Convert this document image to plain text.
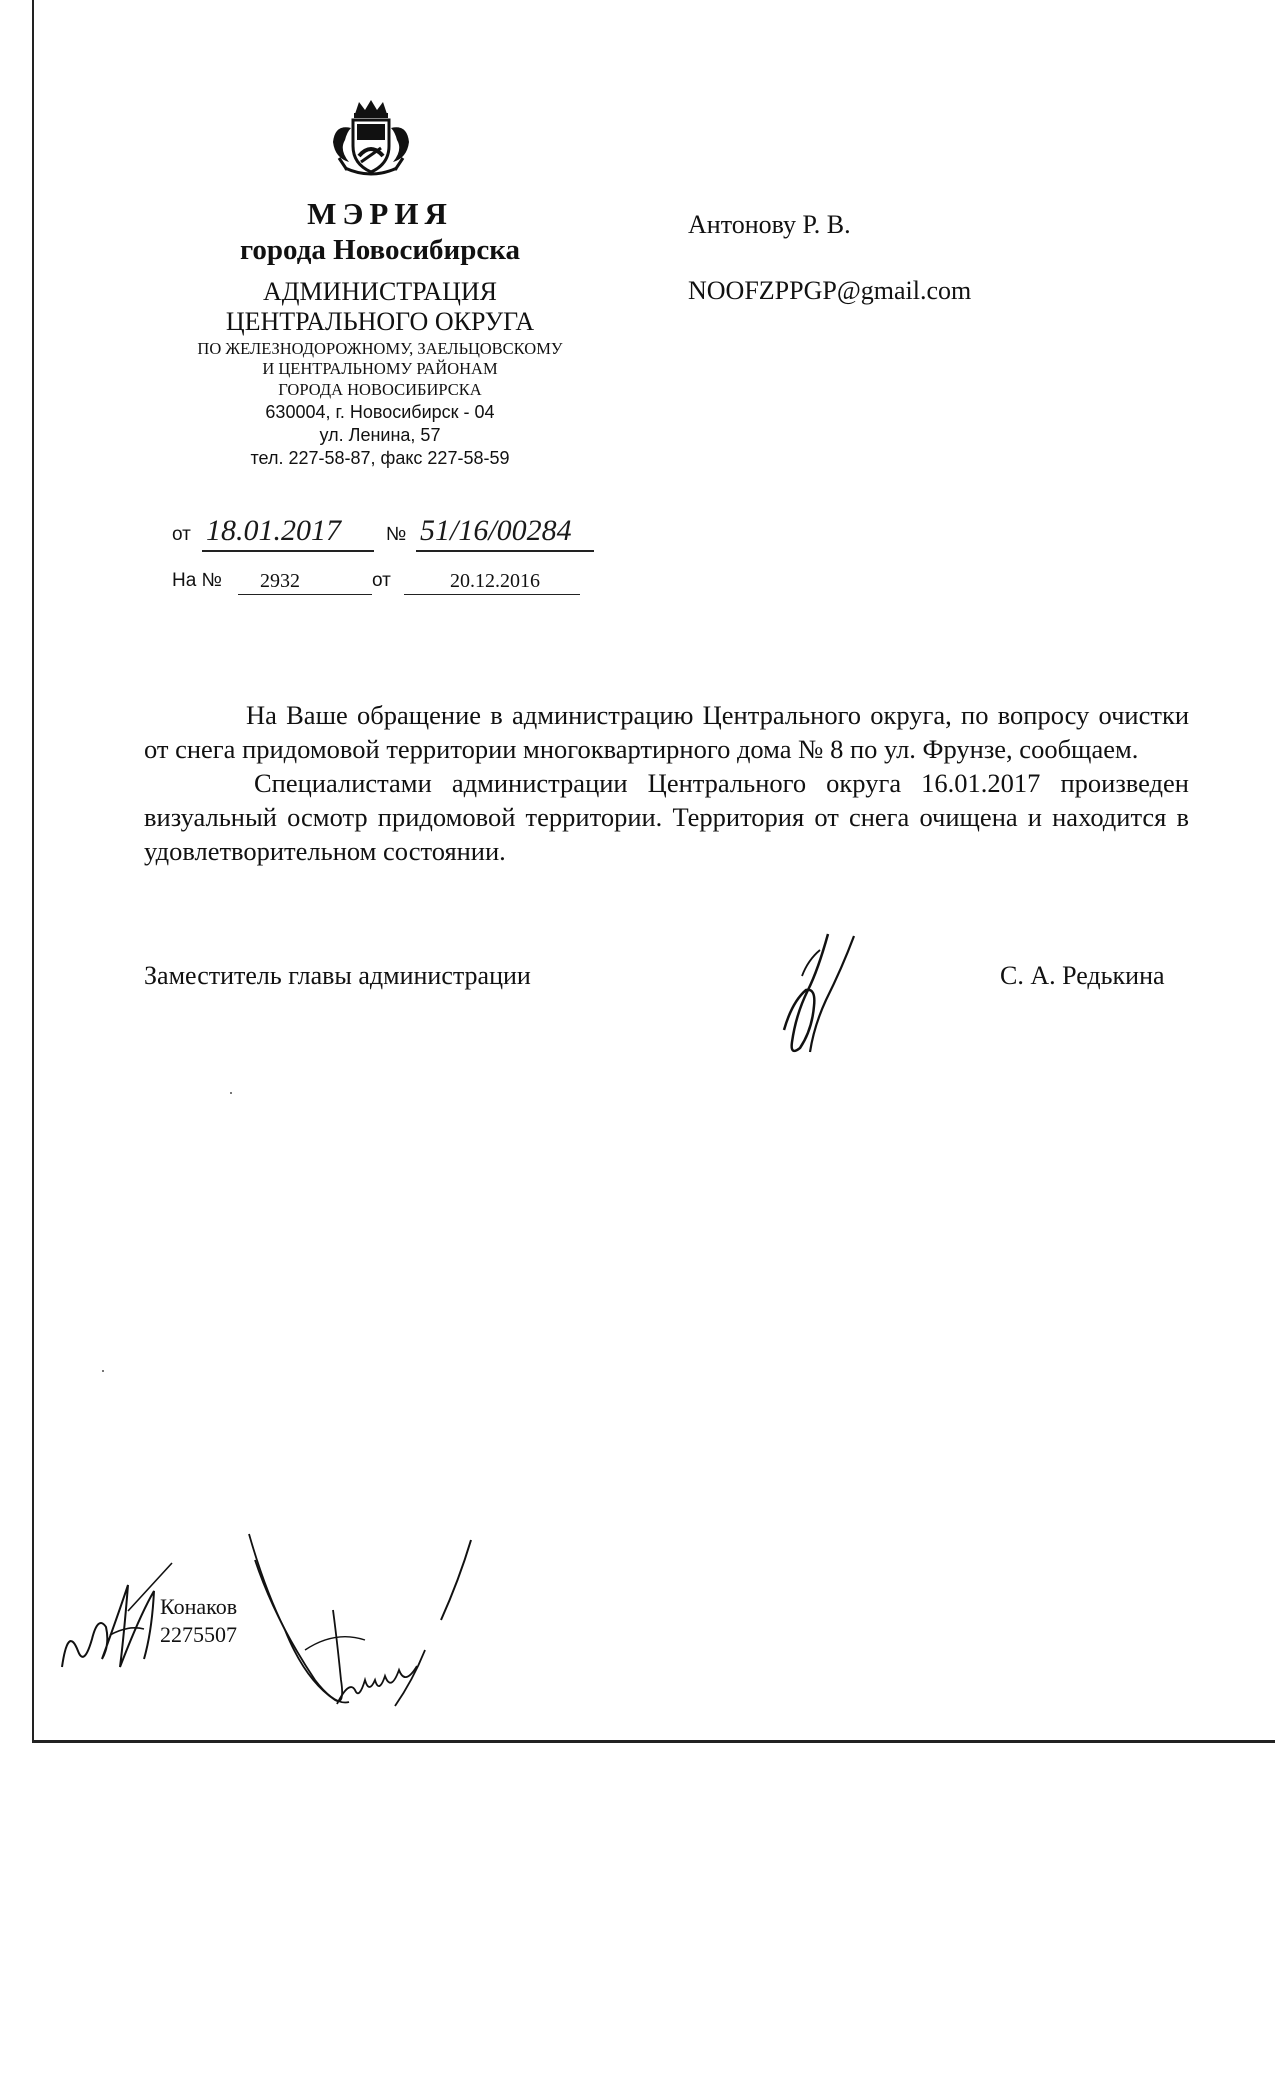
МЭРИЯ
города Новосибирска
АДМИНИСТРАЦИЯ
ЦЕНТРАЛЬНОГО ОКРУГА
ПО ЖЕЛЕЗНОДОРОЖНОМУ, ЗАЕЛЬЦОВСКОМУ
И ЦЕНТРАЛЬНОМУ РАЙОНАМ
ГОРОДА НОВОСИБИРСКА
630004, г. Новосибирск - 04
ул. Ленина, 57
тел. 227-58-87, факс 227-58-59
Антонову Р. В.
NOOFZPPGP@gmail.com
от 18.01.2017 № 51/16/00284
На № 2932	от	20.12.2016

На Ваше обращение в администрацию Центрального округа, по вопросу очистки от снега придомовой территории многоквартирного дома № 8 по ул. Фрунзе, сообщаем.

Специалистами администрации Центрального округа 16.01.2017 произведен визуальный осмотр придомовой территории. Территория от снега очищена и находится в удовлетворительном состоянии.

Заместитель главы администрации	С. А. Редькина
Конаков
2275507
